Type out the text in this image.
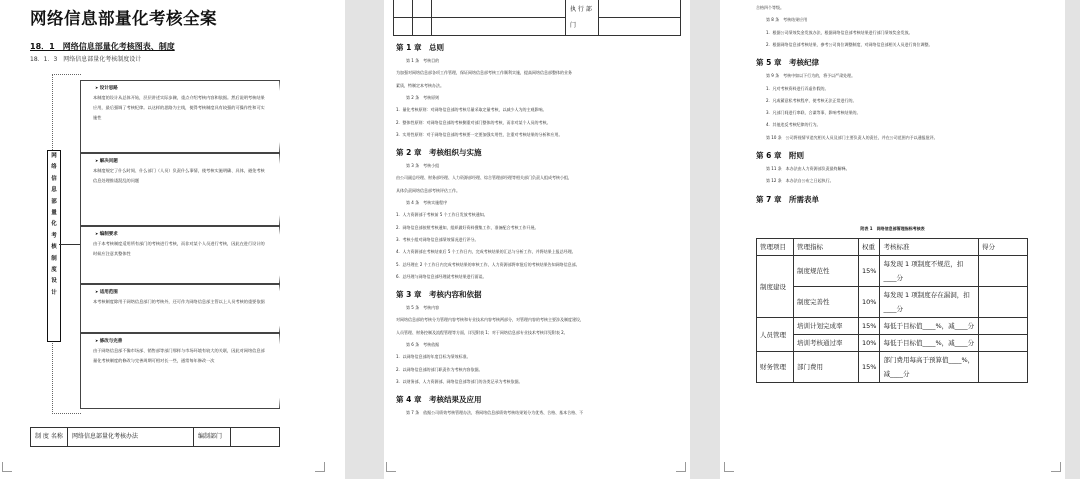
网络信息部量化考核全案
18．1　网络信息部量化考核图表、制度
18．1．3　网络信息部量化考核制度设计
网
络
信
息
部
量
化
考
核
制
度
设
计
➤ 设计思路
本制度的设计从总体开始，层层讲述实际步骤，重点介绍考核内容和依据。然后说明考核结果应用，最后强调了考核纪律。以这样的思路为主线，使得考核制度具有较强的可操作性和可实施性
➤ 解决问题
本制度规定了什么时间、什么部门（人员）负责什么事情，使考核实施明确、具体，避免考核信息处理推诿混乱的问题
➤ 编制要求
由于本考核制度适用所有部门的考核进行考核，而非对某个人员进行考核，因此在进行设计的时候应注意其整体性
➤ 适用范围
本考核制度除用于网络信息部门的考核外，还可作为网络信息部主管以上人员考核的重要依据
➤ 修改与完善
由于网络信息部不像市场部、销售部等部门那样与市场环境有较大的关联，因此对网络信息部量化考核制度的修改与完善周期可相对长一些，通常每年修改一次
制 度 名称	网络信息部量化考核办法	编制部门	
			执 行 部门	

第 1 章　总则
第 1 条　考核目的
为加强对网络信息部各项工作管理，保证网络信息部考核工作顺利实施，提高网络信息部整体的业务
素质，特制定本考核办法。
第 2 条　考核原则
1．量化考核原则：对网络信息部的考核尽量采取定量考核，以减少人为的主观影响。
2．整体性原则：对网络信息部的考核侧重对部门整体的考核，而非对某个人员的考核。
3．实用性原则：对于网络信息部的考核要一定要加强实用性，注重对考核结果的分析和应用。
第 2 章　考核组织与实施
第 3 条　考核小组
由公司副总经理、财务部经理、人力资源部经理、综合管理部经理等相关部门负责人组成考核小组，
具体负责网络信息部考核评估工作。
第 4 条　考核实施程序
1．人力资源部于考核前 5 个工作日发放考核通知。
2．网络信息部按照考核通知，组织做好资料搜集工作，准备配合考核工作开展。
3．考核小组对网络信息部绩效情况进行评分。
4．人力资源部在考核结束后 5 个工作日内，完成考核结果的汇总与分析工作，并将结果上报总经理。
5．总经理在 2 个工作日内完成考核结果的审核工作，人力资源部将审批后的考核结果告知网络信息部。
6．总经理与网络信息部经理就考核结果进行面谈。
第 3 章　考核内容和依据
第 5 条　考核内容
对网络信息部的考核分为管理内容考核和专业技术内容考核两部分，对管理内容的考核主要涉及制度建设，
人员管理、财务控制及流程管理等方面，详见附表 1；对于网络信息部专业技术考核详见附表 2。
第 6 条　考核依据
1．以网络信息部的年度目标为绩效标准。
2．以网络信息部的部门职责作为考核内容依据。
3．以财务部、人力资源部、网络信息部等部门的各类记录为考核依据。
第 4 章　考核结果及应用
第 7 条　依据公司绩效考核管理办法，将网络信息部绩效考核结果划分为优秀、合格、基本合格、不
合格四个等级。
第 8 条　考核结果应用
1．根据公司绩效奖金发放办法，根据网络信息部考核结果进行部门绩效奖金发放。
2．根据网络信息部考核结果，参考公司岗位调整制度，对网络信息部相关人员进行岗位调整。
第 5 章　考核纪律
第 9 条　考核中如以下行为的，将予以严肃处理。
1．凡对考核资料进行弄虚作假的。
2．凡或蓄意私考核程序，使考核无法正常进行的。
3．凡部门间进行串联、合谋等事，影响考核结果的。
4．其他违反考核纪律的行为。
第 10 条　公司将视情节追究相关人员及部门主要负责人的责任，并在公司范围内予以通报批评。
第 6 章　附则
第 11 条　本办法由人力资源部负责最终解释。
第 12 条　本办法自公布之日起执行。
第 7 章　所需表单
附表 1　网络信息部管理指标考核表
管理项目	管理指标	权重	考核标准	得分
制度建设	制度规范性	15%	每发现 1 项制度不规范，扣____分	
	制度完善性	10%	每发现 1 项制度存在漏洞，扣____分	
人员管理	培训计划完成率	15%	每低于目标值____%，减____分	
	培训考核通过率	10%	每低于目标值____%，减____分	
财务管理	部门费用	15%	部门费用每高于预算值____%，减____分	
